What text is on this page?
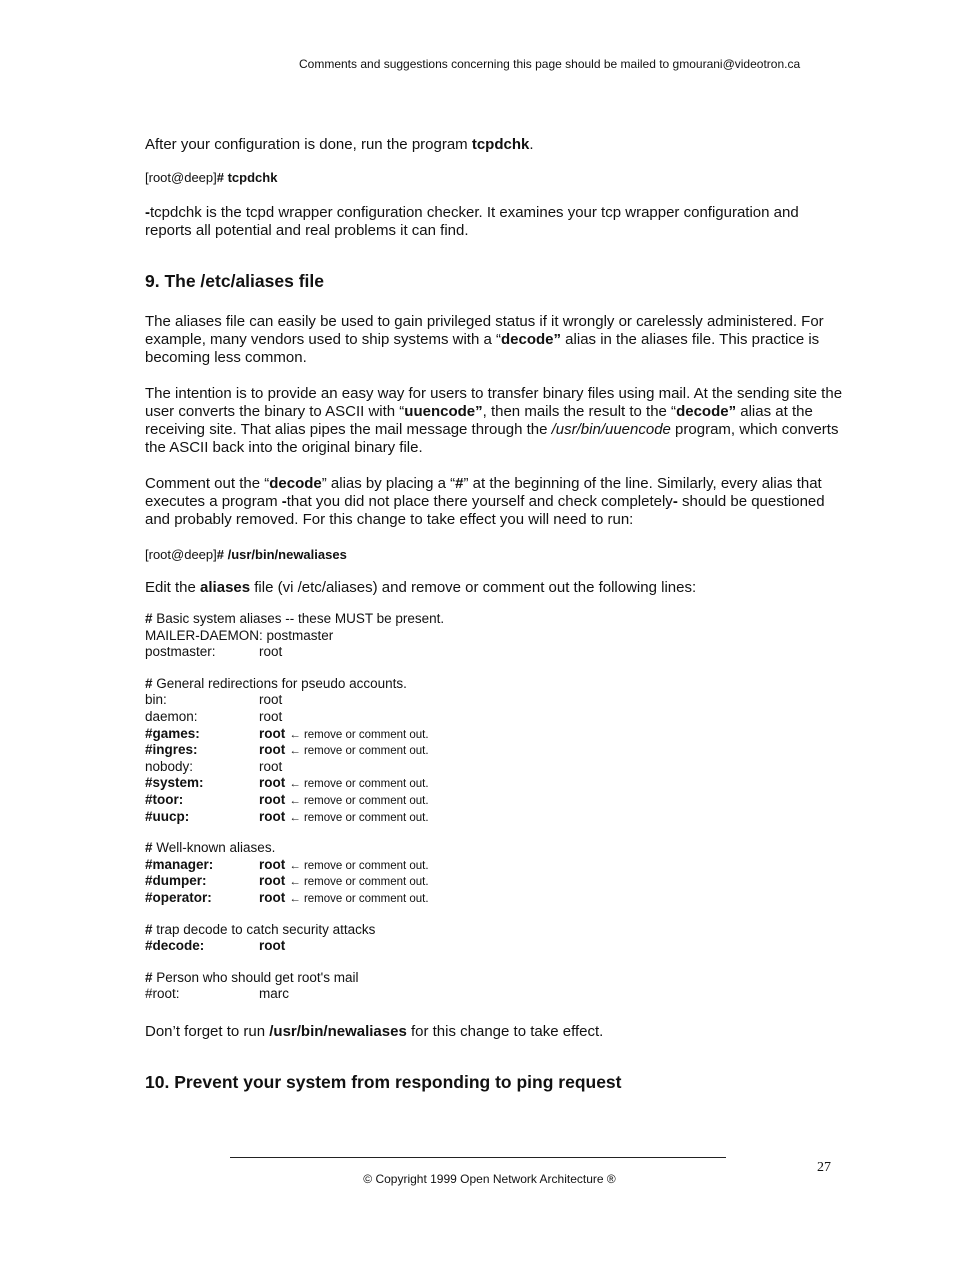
Comments and suggestions concerning this page should be mailed to gmourani@videotron.ca

After your configuration is done, run the program tcpdchk.

[root@deep]# tcpdchk

-tcpdchk is the tcpd wrapper configuration checker. It examines your tcp wrapper configuration and reports all potential and real problems it can find.

9. The /etc/aliases file

The aliases file can easily be used to gain privileged status if it wrongly or carelessly administered. For example, many vendors used to ship systems with a “decode” alias in the aliases file. This practice is becoming less common.

The intention is to provide an easy way for users to transfer binary files using mail. At the sending site the user converts the binary to ASCII with “uuencode”, then mails the result to the “decode” alias at the receiving site. That alias pipes the mail message through the /usr/bin/uuencode program, which converts the ASCII back into the original binary file.

Comment out the “decode” alias by placing a “#” at the beginning of the line. Similarly, every alias that executes a program -that you did not place there yourself and check completely- should be questioned and probably removed. For this change to take effect you will need to run:

[root@deep]# /usr/bin/newaliases

Edit the aliases file (vi /etc/aliases) and remove or comment out the following lines:

# Basic system aliases -- these MUST be present.
MAILER-DAEMON: postmaster
postmaster:	root
# General redirections for pseudo accounts.
bin:	root
daemon:	root
#games:	root ← remove or comment out.
#ingres:	root ← remove or comment out.
nobody:	root
#system:	root ← remove or comment out.
#toor:	root ← remove or comment out.
#uucp:	root ← remove or comment out.
# Well-known aliases.
#manager:	root ← remove or comment out.
#dumper:	root ← remove or comment out.
#operator:	root ← remove or comment out.
# trap decode to catch security attacks
#decode:	root
# Person who should get root's mail
#root:	marc

Don’t forget to run /usr/bin/newaliases for this change to take effect.

10. Prevent your system from responding to ping request
27
© Copyright 1999 Open Network Architecture ®
